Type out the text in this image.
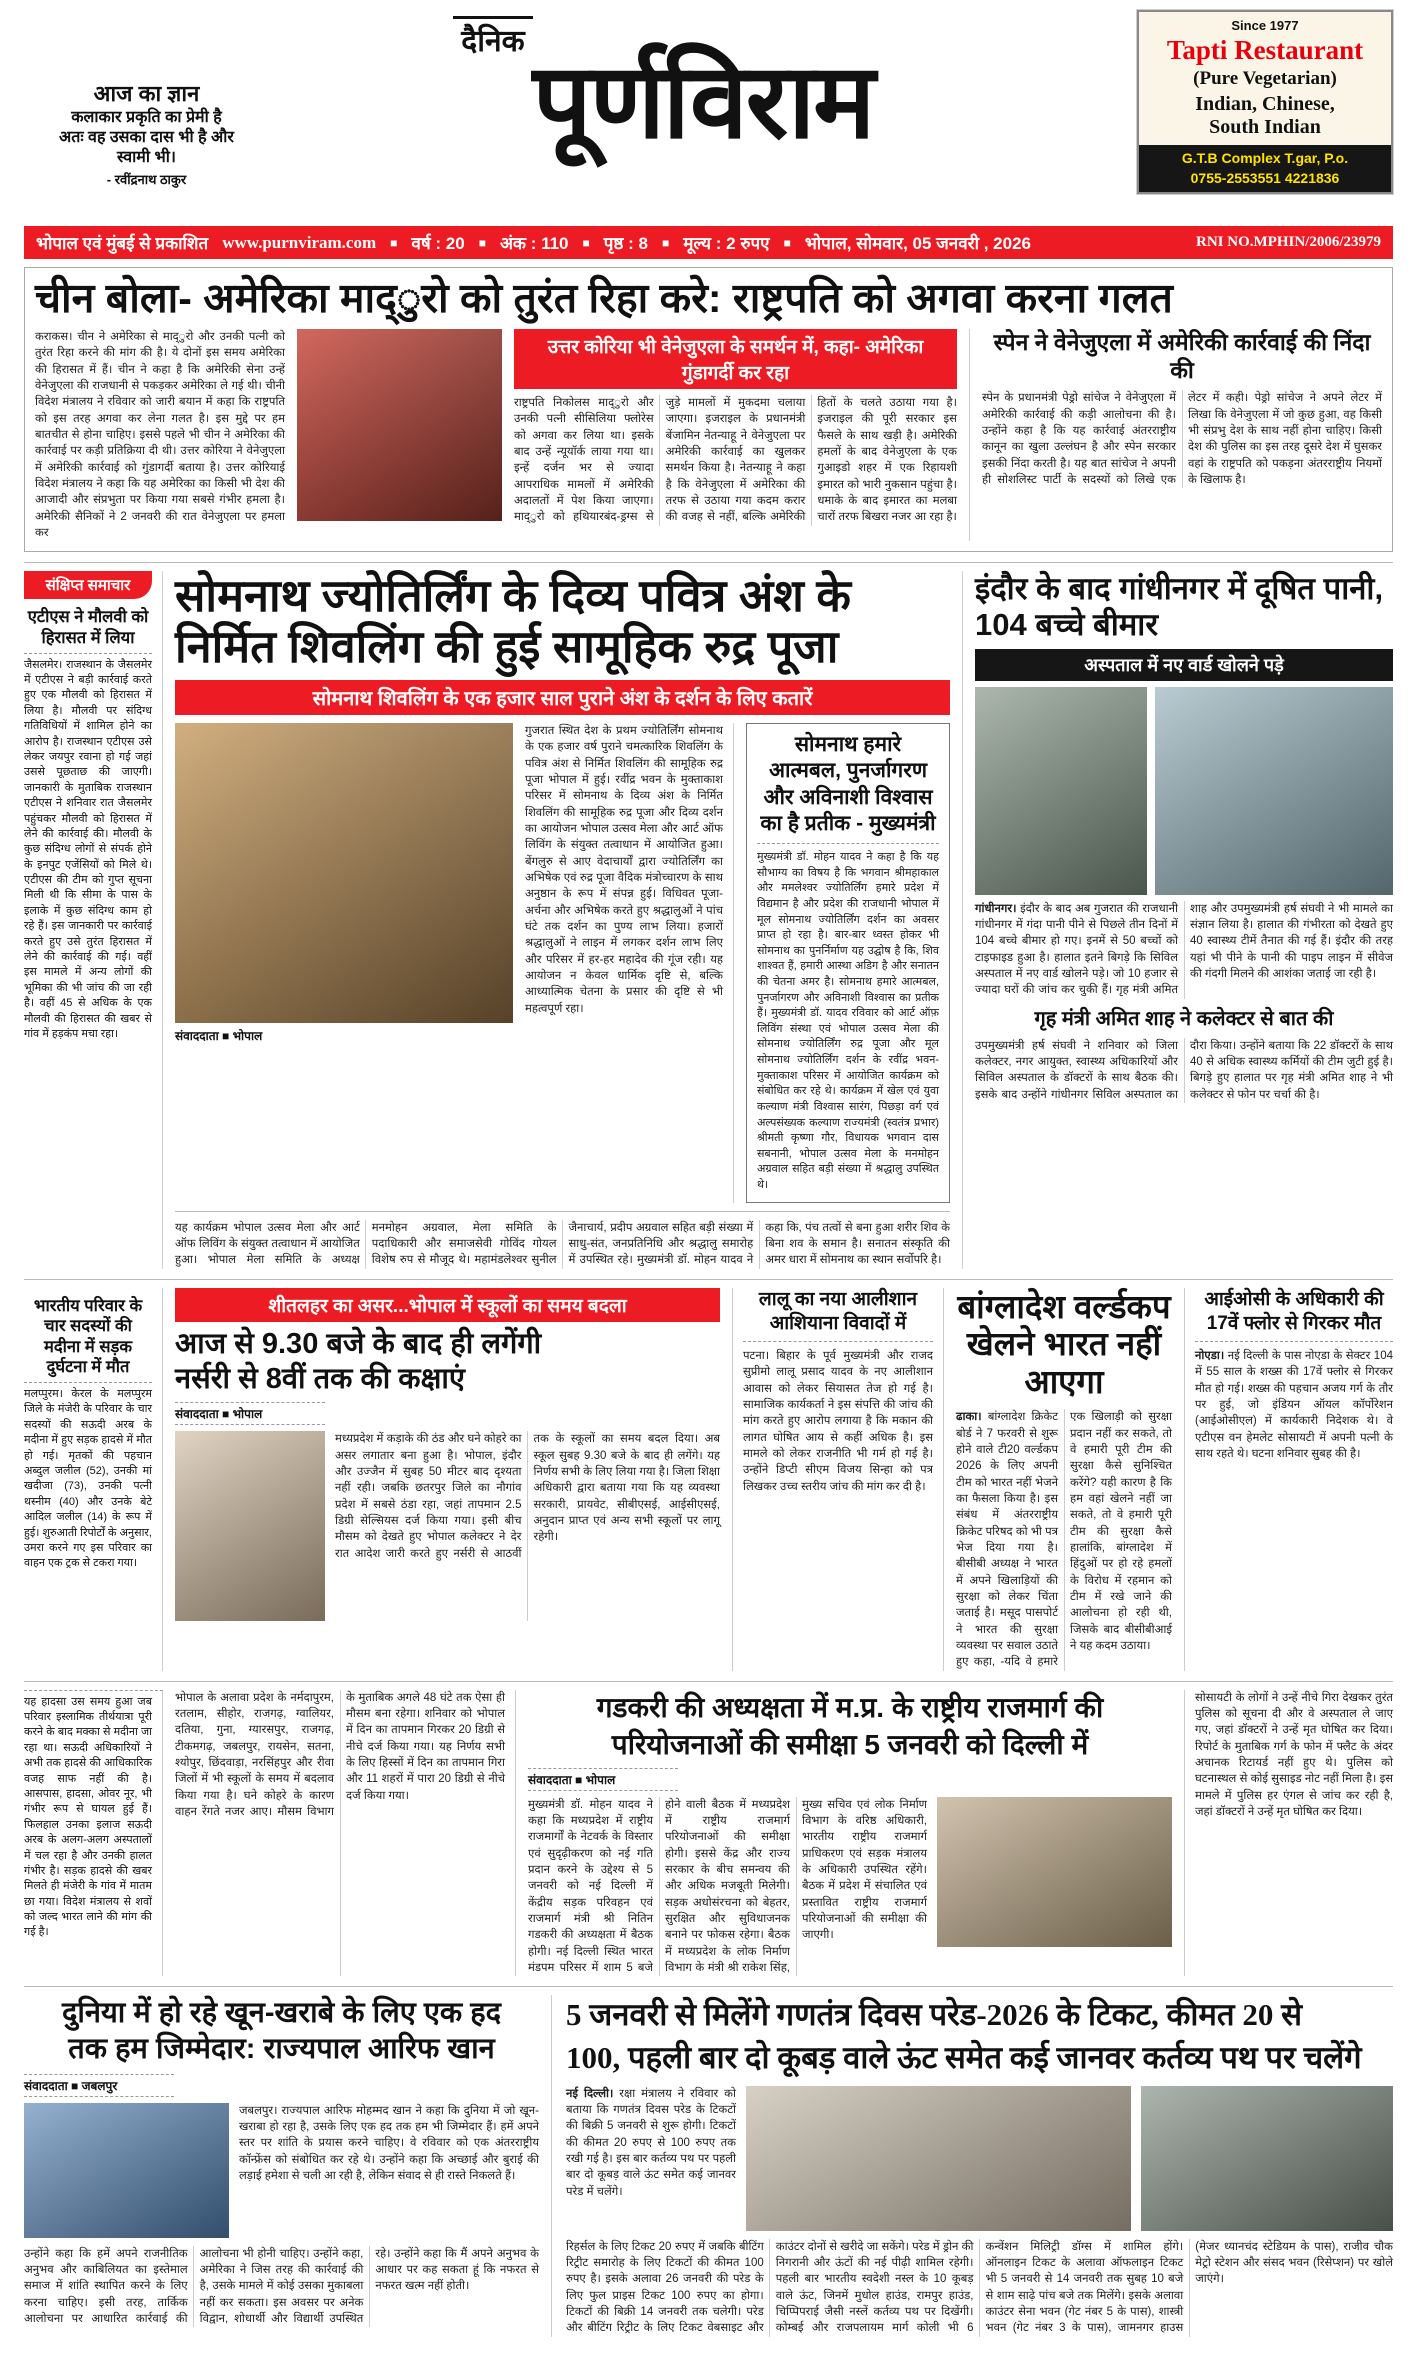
आज का ज्ञान
कलाकार प्रकृति का प्रेमी है
अतः वह उसका दास भी है और
स्वामी भी।
- रवींद्रनाथ ठाकुर
दैनिक
पूर्णविराम
Since 1977
Tapti Restaurant
(Pure Vegetarian)
Indian, Chinese,
South Indian
G.T.B Complex T.gar, P.o.
0755-2553551 4221836
भोपाल एवं मुंबई से प्रकाशित www.purnviram.com ■ वर्ष : 20 ■ अंक : 110 ■ पृष्ठ : 8 ■ मूल्य : 2 रुपए ■ भोपाल, सोमवार, 05 जनवरी , 2026	RNI NO.MPHIN/2006/23979
चीन बोला- अमेरिका माद्ुरो को तुरंत रिहा करे: राष्ट्रपति को अगवा करना गलत
कराकस। चीन ने अमेरिका से माद्ुरो और उनकी पत्नी को तुरंत रिहा करने की मांग की है। ये दोनों इस समय अमेरिका की हिरासत में हैं। चीन ने कहा है कि अमेरिकी सेना उन्हें वेनेजुएला की राजधानी से पकड़कर अमेरिका ले गई थी। चीनी विदेश मंत्रालय ने रविवार को जारी बयान में कहा कि राष्ट्रपति को इस तरह अगवा कर लेना गलत है। इस मुद्दे पर हम बातचीत से होना चाहिए। इससे पहले भी चीन ने अमेरिका की कार्रवाई पर कड़ी प्रतिक्रिया दी थी। उत्तर कोरिया ने वेनेजुएला में अमेरिकी कार्रवाई को गुंडागर्दी बताया है। उत्तर कोरियाई विदेश मंत्रालय ने कहा कि यह अमेरिका का किसी भी देश की आजादी और संप्रभुता पर किया गया सबसे गंभीर हमला है। अमेरिकी सैनिकों ने 2 जनवरी की रात वेनेजुएला पर हमला कर
उत्तर कोरिया भी वेनेजुएला के समर्थन में, कहा- अमेरिका गुंडागर्दी कर रहा
राष्ट्रपति निकोलस माद्ुरो और उनकी पत्नी सीसिलिया फ्लोरेस को अगवा कर लिया था। इसके बाद उन्हें न्यूयॉर्क लाया गया था। इन्हें दर्जन भर से ज्यादा आपराधिक मामलों में अमेरिकी अदालतों में पेश किया जाएगा। माद्ुरो को हथियारबंद-ड्रग्स से जुड़े मामलों में मुकदमा चलाया जाएगा। इजराइल के प्रधानमंत्री बेंजामिन नेतन्याहू ने वेनेजुएला पर अमेरिकी कार्रवाई का खुलकर समर्थन किया है। नेतन्याहू ने कहा है कि वेनेजुएला में अमेरिका की तरफ से उठाया गया कदम करार की वजह से नहीं, बल्कि अमेरिकी हितों के चलते उठाया गया है। इजराइल की पूरी सरकार इस फैसले के साथ खड़ी है। अमेरिकी हमलों के बाद वेनेजुएला के एक गुआइडो शहर में एक रिहायशी इमारत को भारी नुकसान पहुंचा है। धमाके के बाद इमारत का मलबा चारों तरफ बिखरा नजर आ रहा है।
स्पेन ने वेनेजुएला में अमेरिकी कार्रवाई की निंदा की
स्पेन के प्रधानमंत्री पेड्रो सांचेज ने वेनेजुएला में अमेरिकी कार्रवाई की कड़ी आलोचना की है। उन्होंने कहा है कि यह कार्रवाई अंतरराष्ट्रीय कानून का खुला उल्लंघन है और स्पेन सरकार इसकी निंदा करती है। यह बात सांचेज ने अपनी ही सोशलिस्ट पार्टी के सदस्यों को लिखे एक लेटर में कही। पेड्रो सांचेज ने अपने लेटर में लिखा कि वेनेजुएला में जो कुछ हुआ, वह किसी भी संप्रभु देश के साथ नहीं होना चाहिए। किसी देश की पुलिस का इस तरह दूसरे देश में घुसकर वहां के राष्ट्रपति को पकड़ना अंतरराष्ट्रीय नियमों के खिलाफ है।
संक्षिप्त समाचार
एटीएस ने मौलवी को हिरासत में लिया
जैसलमेर। राजस्थान के जैसलमेर में एटीएस ने बड़ी कार्रवाई करते हुए एक मौलवी को हिरासत में लिया है। मौलवी पर संदिग्ध गतिविधियों में शामिल होने का आरोप है। राजस्थान एटीएस उसे लेकर जयपुर रवाना हो गई जहां उससे पूछताछ की जाएगी। जानकारी के मुताबिक राजस्थान एटीएस ने शनिवार रात जैसलमेर पहुंचकर मौलवी को हिरासत में लेने की कार्रवाई की। मौलवी के कुछ संदिग्ध लोगों से संपर्क होने के इनपुट एजेंसियों को मिले थे। एटीएस की टीम को गुप्त सूचना मिली थी कि सीमा के पास के इलाके में कुछ संदिग्ध काम हो रहे हैं। इस जानकारी पर कार्रवाई करते हुए उसे तुरंत हिरासत में लेने की कार्रवाई की गई। वहीं इस मामले में अन्य लोगों की भूमिका की भी जांच की जा रही है। वहीं 45 से अधिक के एक मौलवी की हिरासत की खबर से गांव में हड़कंप मचा रहा।
सोमनाथ ज्योतिर्लिंग के दिव्य पवित्र अंश के
निर्मित शिवलिंग की हुई सामूहिक रुद्र पूजा
सोमनाथ शिवलिंग के एक हजार साल पुराने अंश के दर्शन के लिए कतारें
संवाददाता ■ भोपाल
गुजरात स्थित देश के प्रथम ज्योतिर्लिंग सोमनाथ के एक हजार वर्ष पुराने चमत्कारिक शिवलिंग के पवित्र अंश से निर्मित शिवलिंग की सामूहिक रुद्र पूजा भोपाल में हुई। रवींद्र भवन के मुक्ताकाश परिसर में सोमनाथ के दिव्य अंश के निर्मित शिवलिंग की सामूहिक रुद्र पूजा और दिव्य दर्शन का आयोजन भोपाल उत्सव मेला और आर्ट ऑफ लिविंग के संयुक्त तत्वाधान में आयोजित हुआ। बेंगलुरु से आए वेदाचार्यों द्वारा ज्योतिर्लिंग का अभिषेक एवं रुद्र पूजा वैदिक मंत्रोच्चारण के साथ अनुष्ठान के रूप में संपन्न हुई। विधिवत पूजा-अर्चना और अभिषेक करते हुए श्रद्धालुओं ने पांच घंटे तक दर्शन का पुण्य लाभ लिया। हजारों श्रद्धालुओं ने लाइन में लगकर दर्शन लाभ लिए और परिसर में हर-हर महादेव की गूंज रही। यह आयोजन न केवल धार्मिक दृष्टि से, बल्कि आध्यात्मिक चेतना के प्रसार की दृष्टि से भी महत्वपूर्ण रहा।
सोमनाथ हमारे आत्मबल, पुनर्जागरण और अविनाशी विश्वास का है प्रतीक - मुख्यमंत्री
मुख्यमंत्री डॉ. मोहन यादव ने कहा है कि यह सौभाग्य का विषय है कि भगवान श्रीमहाकाल और ममलेश्वर ज्योतिर्लिंग हमारे प्रदेश में विद्यमान है और प्रदेश की राजधानी भोपाल में मूल सोमनाथ ज्योतिर्लिंग दर्शन का अवसर प्राप्त हो रहा है। बार-बार ध्वस्त होकर भी सोमनाथ का पुनर्निर्माण यह उद्घोष है कि, शिव शाश्वत हैं, हमारी आस्था अडिग है और सनातन की चेतना अमर है। सोमनाथ हमारे आत्मबल, पुनर्जागरण और अविनाशी विश्वास का प्रतीक हैं। मुख्यमंत्री डॉ. यादव रविवार को आर्ट ऑफ़ लिविंग संस्था एवं भोपाल उत्सव मेला की सोमनाथ ज्योतिर्लिंग रुद्र पूजा और मूल सोमनाथ ज्योतिर्लिंग दर्शन के रवींद्र भवन- मुक्ताकाश परिसर में आयोजित कार्यक्रम को संबोधित कर रहे थे। कार्यक्रम में खेल एवं युवा कल्याण मंत्री विश्वास सारंग, पिछड़ा वर्ग एवं अल्पसंख्यक कल्याण राज्यमंत्री (स्वतंत्र प्रभार) श्रीमती कृष्णा गौर, विधायक भगवान दास सबनानी, भोपाल उत्सव मेला के मनमोहन अग्रवाल सहित बड़ी संख्या में श्रद्धालु उपस्थित थे।
यह कार्यक्रम भोपाल उत्सव मेला और आर्ट ऑफ लिविंग के संयुक्त तत्वाधान में आयोजित हुआ। भोपाल मेला समिति के अध्यक्ष मनमोहन अग्रवाल, मेला समिति के पदाधिकारी और समाजसेवी गोविंद गोयल विशेष रुप से मौजूद थे। महामंडलेश्वर सुनील जैनाचार्य, प्रदीप अग्रवाल सहित बड़ी संख्या में साधु-संत, जनप्रतिनिधि और श्रद्धालु समारोह में उपस्थित रहे। मुख्यमंत्री डॉ. मोहन यादव ने कहा कि, पंच तत्वों से बना हुआ शरीर शिव के बिना शव के समान है। सनातन संस्कृति की अमर धारा में सोमनाथ का स्थान सर्वोपरि है।
इंदौर के बाद गांधीनगर में दूषित पानी, 104 बच्चे बीमार
अस्पताल में नए वार्ड खोलने पड़े
गांधीनगर। इंदौर के बाद अब गुजरात की राजधानी गांधीनगर में गंदा पानी पीने से पिछले तीन दिनों में 104 बच्चे बीमार हो गए। इनमें से 50 बच्चों को टाइफाइड हुआ है। हालात इतने बिगड़े कि सिविल अस्पताल में नए वार्ड खोलने पड़े। जो 10 हजार से ज्यादा घरों की जांच कर चुकी हैं। गृह मंत्री अमित शाह और उपमुख्यमंत्री हर्ष संघवी ने भी मामले का संज्ञान लिया है। हालात की गंभीरता को देखते हुए 40 स्वास्थ्य टीमें तैनात की गई हैं। इंदौर की तरह यहां भी पीने के पानी की पाइप लाइन में सीवेज की गंदगी मिलने की आशंका जताई जा रही है।
गृह मंत्री अमित शाह ने कलेक्टर से बात की
उपमुख्यमंत्री हर्ष संघवी ने शनिवार को जिला कलेक्टर, नगर आयुक्त, स्वास्थ्य अधिकारियों और सिविल अस्पताल के डॉक्टरों के साथ बैठक की। इसके बाद उन्होंने गांधीनगर सिविल अस्पताल का दौरा किया। उन्होंने बताया कि 22 डॉक्टरों के साथ 40 से अधिक स्वास्थ्य कर्मियों की टीम जुटी हुई है। बिगड़े हुए हालात पर गृह मंत्री अमित शाह ने भी कलेक्टर से फोन पर चर्चा की है।
भारतीय परिवार के चार सदस्यों की मदीना में सड़क दुर्घटना में मौत
मलप्पुरम। केरल के मलप्पुरम जिले के मंजेरी के परिवार के चार सदस्यों की सऊदी अरब के मदीना में हुए सड़क हादसे में मौत हो गई। मृतकों की पहचान अब्दुल जलील (52), उनकी मां खदीजा (73), उनकी पत्नी थस्नीम (40) और उनके बेटे आदिल जलील (14) के रूप में हुई। शुरुआती रिपोर्टों के अनुसार, उमरा करने गए इस परिवार का वाहन एक ट्रक से टकरा गया।
शीतलहर का असर...भोपाल में स्कूलों का समय बदला
आज से 9.30 बजे के बाद ही लगेंगी
नर्सरी से 8वीं तक की कक्षाएं
संवाददाता ■ भोपाल
मध्यप्रदेश में कड़ाके की ठंड और घने कोहरे का असर लगातार बना हुआ है। भोपाल, इंदौर और उज्जैन में सुबह 50 मीटर बाद दृश्यता नहीं रही। जबकि छतरपुर जिले का नौगांव प्रदेश में सबसे ठंडा रहा, जहां तापमान 2.5 डिग्री सेल्सियस दर्ज किया गया। इसी बीच मौसम को देखते हुए भोपाल कलेक्टर ने देर रात आदेश जारी करते हुए नर्सरी से आठवीं तक के स्कूलों का समय बदल दिया। अब स्कूल सुबह 9.30 बजे के बाद ही लगेंगे। यह निर्णय सभी के लिए लिया गया है। जिला शिक्षा अधिकारी द्वारा बताया गया कि यह व्यवस्था सरकारी, प्रायवेट, सीबीएसई, आईसीएसई, अनुदान प्राप्त एवं अन्य सभी स्कूलों पर लागू रहेगी।
लालू का नया आलीशान आशियाना विवादों में
पटना। बिहार के पूर्व मुख्यमंत्री और राजद सुप्रीमो लालू प्रसाद यादव के नए आलीशान आवास को लेकर सियासत तेज हो गई है। सामाजिक कार्यकर्ता ने इस संपत्ति की जांच की मांग करते हुए आरोप लगाया है कि मकान की लागत घोषित आय से कहीं अधिक है। इस मामले को लेकर राजनीति भी गर्म हो गई है। उन्होंने डिप्टी सीएम विजय सिन्हा को पत्र लिखकर उच्च स्तरीय जांच की मांग कर दी है।
बांग्लादेश वर्ल्डकप खेलने भारत नहीं आएगा
ढाका। बांग्लादेश क्रिकेट बोर्ड ने 7 फरवरी से शुरू होने वाले टी20 वर्ल्डकप 2026 के लिए अपनी टीम को भारत नहीं भेजने का फैसला किया है। इस संबंध में अंतरराष्ट्रीय क्रिकेट परिषद को भी पत्र भेज दिया गया है। बीसीबी अध्यक्ष ने भारत में अपने खिलाड़ियों की सुरक्षा को लेकर चिंता जताई है। मसूद पासपोर्ट ने भारत की सुरक्षा व्यवस्था पर सवाल उठाते हुए कहा, -यदि वे हमारे एक खिलाड़ी को सुरक्षा प्रदान नहीं कर सकते, तो वे हमारी पूरी टीम की सुरक्षा कैसे सुनिश्चित करेंगे? यही कारण है कि हम वहां खेलने नहीं जा सकते, तो वे हमारी पूरी टीम की सुरक्षा कैसे हालांकि, बांग्लादेश में हिंदुओं पर हो रहे हमलों के विरोध में रहमान को टीम में रखे जाने की आलोचना हो रही थी, जिसके बाद बीसीबीआई ने यह कदम उठाया।
आईओसी के अधिकारी की 17वें फ्लोर से गिरकर मौत
नोएडा। नई दिल्ली के पास नोएडा के सेक्टर 104 में 55 साल के शख्स की 17वें फ्लोर से गिरकर मौत हो गई। शख्स की पहचान अजय गर्ग के तौर पर हुई, जो इंडियन ऑयल कॉर्पोरेशन (आईओसीएल) में कार्यकारी निदेशक थे। वे एटीएस वन हेमलेट सोसायटी में अपनी पत्नी के साथ रहते थे। घटना शनिवार सुबह की है।
यह हादसा उस समय हुआ जब परिवार इस्लामिक तीर्थयात्रा पूरी करने के बाद मक्का से मदीना जा रहा था। सऊदी अधिकारियों ने अभी तक हादसे की आधिकारिक वजह साफ नहीं की है। आसपास, हादसा, ओवर नूर, भी गंभीर रूप से घायल हुई हैं। फिलहाल उनका इलाज सऊदी अरब के अलग-अलग अस्पतालों में चल रहा है और उनकी हालत गंभीर है। सड़क हादसे की खबर मिलते ही मंजेरी के गांव में मातम छा गया। विदेश मंत्रालय से शवों को जल्द भारत लाने की मांग की गई है।
भोपाल के अलावा प्रदेश के नर्मदापुरम, रतलाम, सीहोर, राजगढ़, ग्वालियर, दतिया, गुना, ग्यारसपुर, राजगढ़, टीकमगढ़, जबलपुर, रायसेन, सतना, श्योपुर, छिंदवाड़ा, नरसिंहपुर और रीवा जिलों में भी स्कूलों के समय में बदलाव किया गया है। घने कोहरे के कारण वाहन रेंगते नजर आए। मौसम विभाग के मुताबिक अगले 48 घंटे तक ऐसा ही मौसम बना रहेगा। शनिवार को भोपाल में दिन का तापमान गिरकर 20 डिग्री से नीचे दर्ज किया गया। यह निर्णय सभी के लिए हिस्सों में दिन का तापमान गिरा और 11 शहरों में पारा 20 डिग्री से नीचे दर्ज किया गया।
गडकरी की अध्यक्षता में म.प्र. के राष्ट्रीय राजमार्ग की
परियोजनाओं की समीक्षा 5 जनवरी को दिल्ली में
संवाददाता ■ भोपाल
मुख्यमंत्री डॉ. मोहन यादव ने कहा कि मध्यप्रदेश में राष्ट्रीय राजमार्गों के नेटवर्क के विस्तार एवं सुदृढ़ीकरण को नई गति प्रदान करने के उद्देश्य से 5 जनवरी को नई दिल्ली में केंद्रीय सड़क परिवहन एवं राजमार्ग मंत्री श्री नितिन गडकरी की अध्यक्षता में बैठक होगी। नई दिल्ली स्थित भारत मंडपम परिसर में शाम 5 बजे होने वाली बैठक में मध्यप्रदेश में राष्ट्रीय राजमार्ग परियोजनाओं की समीक्षा होगी। इससे केंद्र और राज्य सरकार के बीच समन्वय की और अधिक मजबूती मिलेगी। सड़क अधोसंरचना को बेहतर, सुरक्षित और सुविधाजनक बनाने पर फोकस रहेगा। बैठक में मध्यप्रदेश के लोक निर्माण विभाग के मंत्री श्री राकेश सिंह, मुख्य सचिव एवं लोक निर्माण विभाग के वरिष्ठ अधिकारी, भारतीय राष्ट्रीय राजमार्ग प्राधिकरण एवं सड़क मंत्रालय के अधिकारी उपस्थित रहेंगे। बैठक में प्रदेश में संचालित एवं प्रस्तावित राष्ट्रीय राजमार्ग परियोजनाओं की समीक्षा की जाएगी।
सोसायटी के लोगों ने उन्हें नीचे गिरा देखकर तुरंत पुलिस को सूचना दी और वे अस्पताल ले जाए गए, जहां डॉक्टरों ने उन्हें मृत घोषित कर दिया। रिपोर्ट के मुताबिक गर्ग के फोन में फ्लैट के अंदर अचानक रिटायर्ड नहीं हुए थे। पुलिस को घटनास्थल से कोई सुसाइड नोट नहीं मिला है। इस मामले में पुलिस हर एंगल से जांच कर रही है, जहां डॉक्टरों ने उन्हें मृत घोषित कर दिया।
दुनिया में हो रहे खून-खराबे के लिए एक हद
तक हम जिम्मेदार: राज्यपाल आरिफ खान
संवाददाता ■ जबलपुर
जबलपुर। राज्यपाल आरिफ मोहम्मद खान ने कहा कि दुनिया में जो खून-खराबा हो रहा है, उसके लिए एक हद तक हम भी जिम्मेदार हैं। हमें अपने स्तर पर शांति के प्रयास करने चाहिए। वे रविवार को एक अंतरराष्ट्रीय कॉन्फ्रेंस को संबोधित कर रहे थे। उन्होंने कहा कि अच्छाई और बुराई की लड़ाई हमेशा से चली आ रही है, लेकिन संवाद से ही रास्ते निकलते हैं।
उन्होंने कहा कि हमें अपने राजनीतिक अनुभव और काबिलियत का इस्तेमाल समाज में शांति स्थापित करने के लिए करना चाहिए। इसी तरह, तार्किक आलोचना पर आधारित कार्रवाई की आलोचना भी होनी चाहिए। उन्होंने कहा, अमेरिका ने जिस तरह की कार्रवाई की है, उसके मामले में कोई उसका मुकाबला नहीं कर सकता। इस अवसर पर अनेक विद्वान, शोधार्थी और विद्यार्थी उपस्थित रहे। उन्होंने कहा कि मैं अपने अनुभव के आधार पर कह सकता हूं कि नफरत से नफरत खत्म नहीं होती।
5 जनवरी से मिलेंगे गणतंत्र दिवस परेड-2026 के टिकट, कीमत 20 से
100, पहली बार दो कूबड़ वाले ऊंट समेत कई जानवर कर्तव्य पथ पर चलेंगे
नई दिल्ली। रक्षा मंत्रालय ने रविवार को बताया कि गणतंत्र दिवस परेड के टिकटों की बिक्री 5 जनवरी से शुरू होगी। टिकटों की कीमत 20 रुपए से 100 रुपए तक रखी गई है। इस बार कर्तव्य पथ पर पहली बार दो कूबड़ वाले ऊंट समेत कई जानवर परेड में चलेंगे।
रिहर्सल के लिए टिकट 20 रुपए में जबकि बीटिंग रिट्रीट समारोह के लिए टिकटों की कीमत 100 रुपए है। इसके अलावा 26 जनवरी की परेड के लिए फुल प्राइस टिकट 100 रुपए का होगा। टिकटों की बिक्री 14 जनवरी तक चलेगी। परेड और बीटिंग रिट्रीट के लिए टिकट वेबसाइट और काउंटर दोनों से खरीदे जा सकेंगे। परेड में ड्रोन की निगरानी और ऊंटों की नई पीढ़ी शामिल रहेगी। पहली बार भारतीय स्वदेशी नस्ल के 10 कूबड़ वाले ऊंट, जिनमें मुधोल हाउंड, रामपुर हाउंड, चिप्पिपराई जैसी नस्लें कर्तव्य पथ पर दिखेंगी। कोम्बई और राजपलायम मार्ग कोली भी 6 कन्वेंशन मिलिट्री डॉग्स में शामिल होंगे। ऑनलाइन टिकट के अलावा ऑफलाइन टिकट भी 5 जनवरी से 14 जनवरी तक सुबह 10 बजे से शाम साढ़े पांच बजे तक मिलेंगे। इसके अलावा काउंटर सेना भवन (गेट नंबर 5 के पास), शास्त्री भवन (गेट नंबर 3 के पास), जामनगर हाउस (मेजर ध्यानचंद स्टेडियम के पास), राजीव चौक मेट्रो स्टेशन और संसद भवन (रिसेप्शन) पर खोले जाएंगे।
